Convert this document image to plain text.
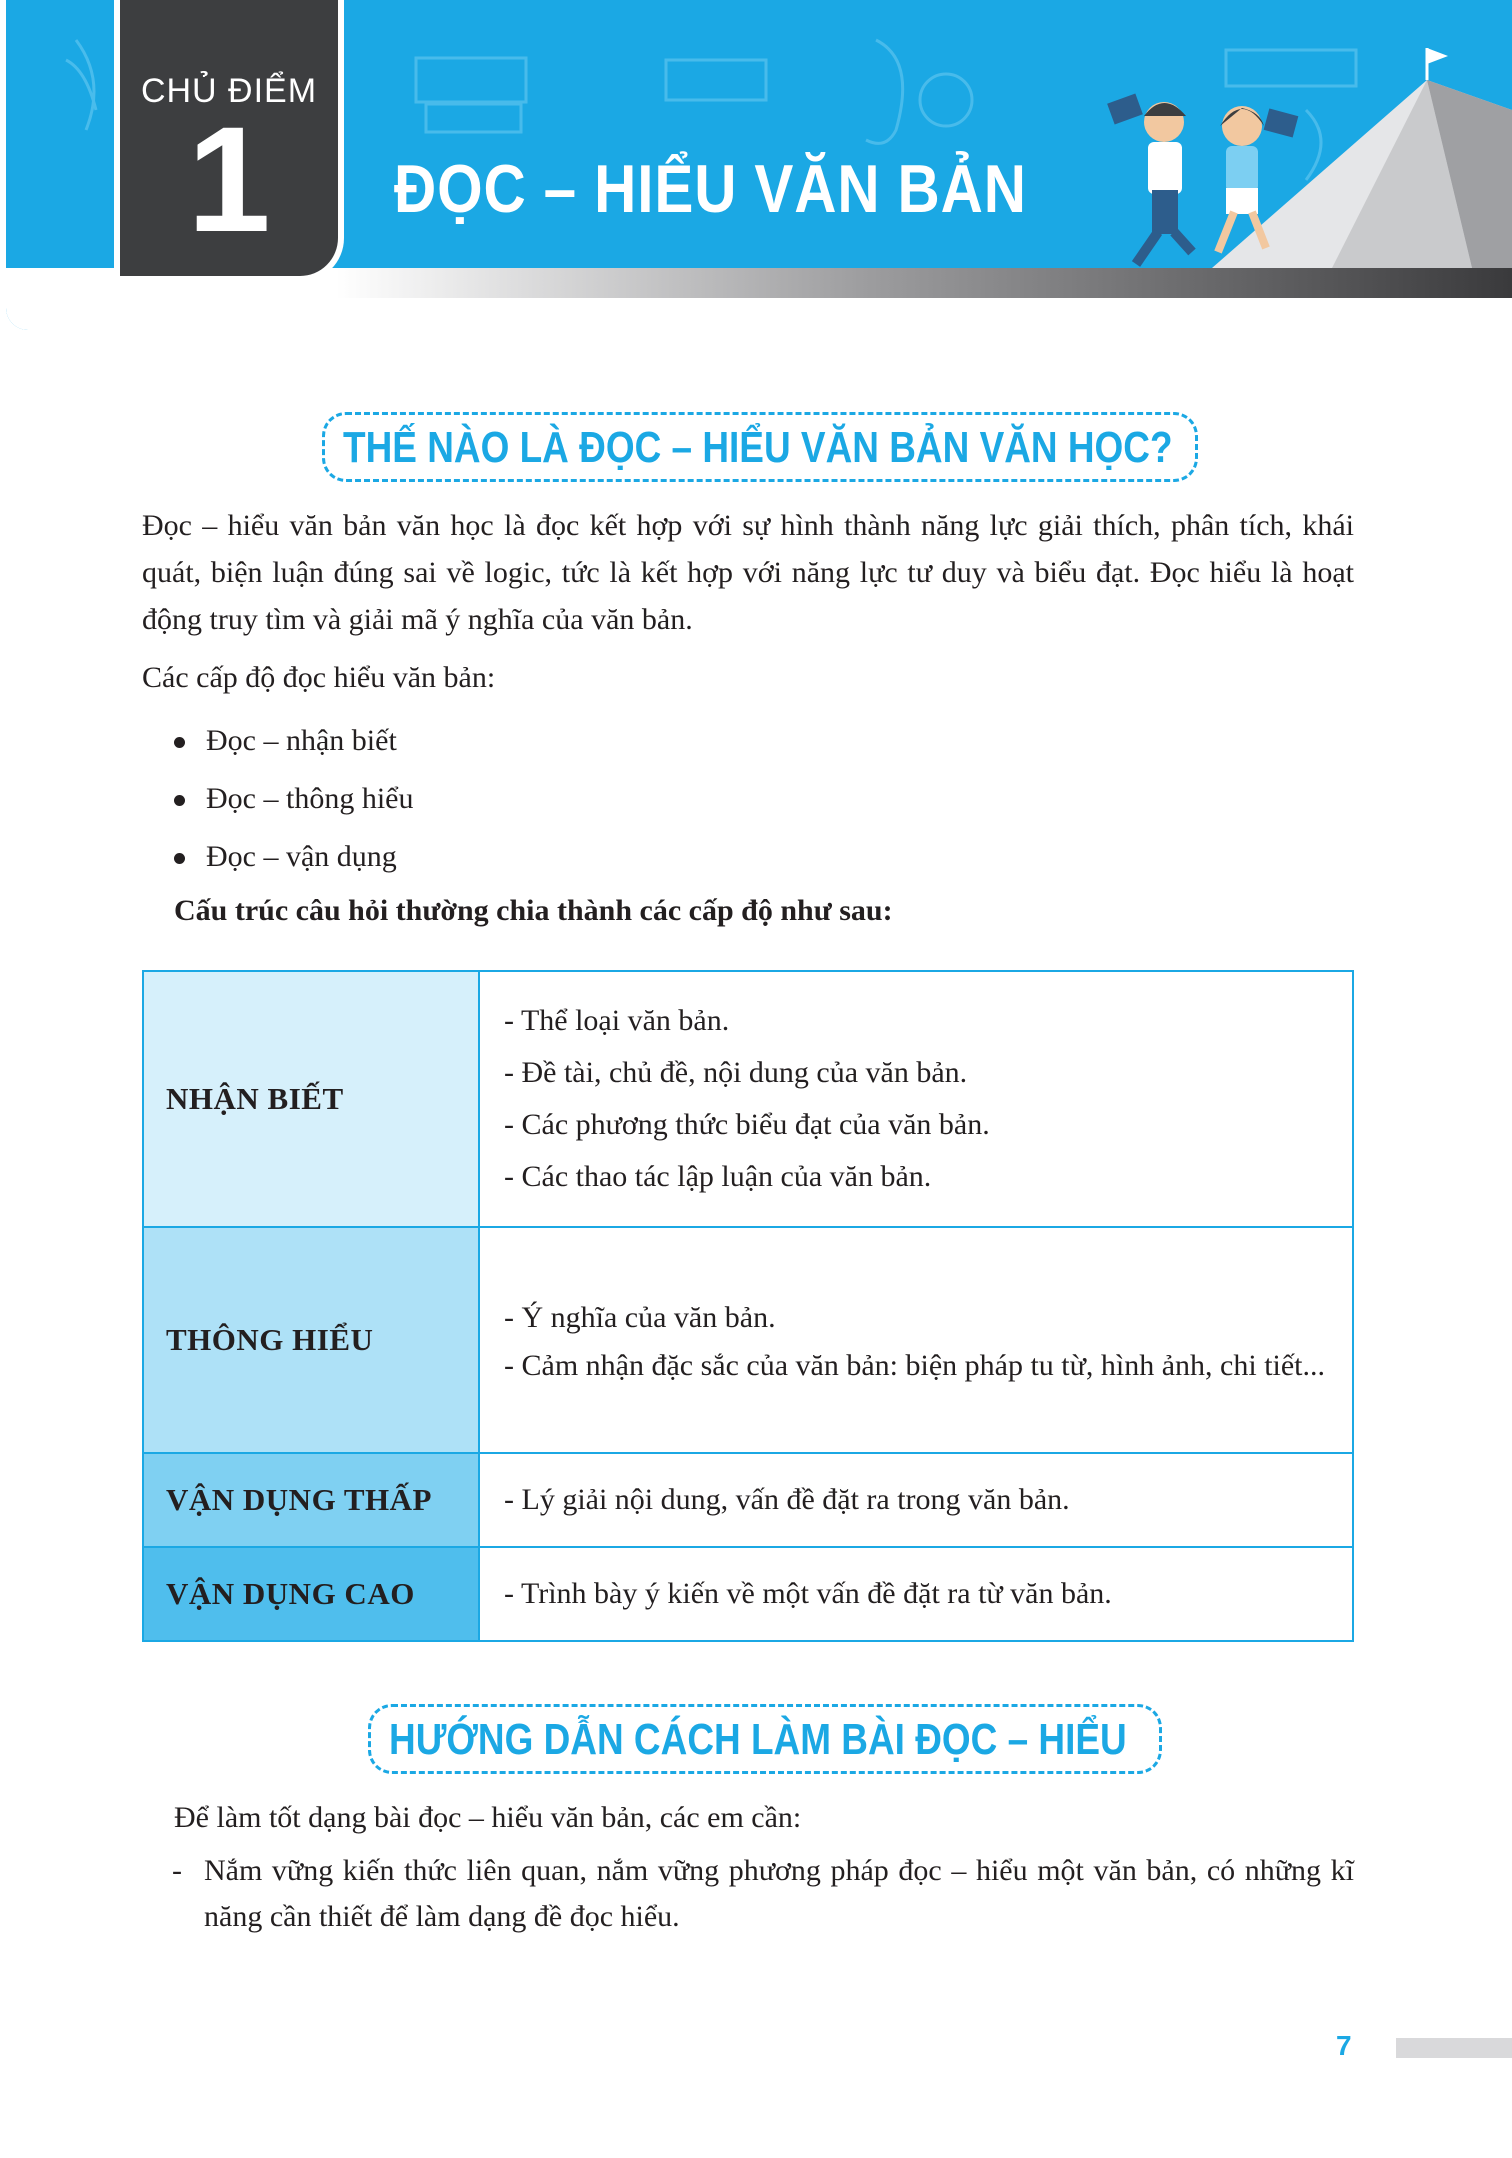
CHỦ ĐIỂM
1	ĐỌC – HIỂU VĂN BẢN
THẾ NÀO LÀ ĐỌC – HIỂU VĂN BẢN VĂN HỌC?
Đọc – hiểu văn bản văn học là đọc kết hợp với sự hình thành năng lực giải thích, phân tích, khái quát, biện luận đúng sai về logic, tức là kết hợp với năng lực tư duy và biểu đạt. Đọc hiểu là hoạt động truy tìm và giải mã ý nghĩa của văn bản.
Các cấp độ đọc hiểu văn bản:
Đọc – nhận biết
Đọc – thông hiểu
Đọc – vận dụng
Cấu trúc câu hỏi thường chia thành các cấp độ như sau:
NHẬN BIẾT	- Thể loại văn bản.
- Đề tài, chủ đề, nội dung của văn bản.
- Các phương thức biểu đạt của văn bản.
- Các thao tác lập luận của văn bản.

THÔNG HIỂU	- Ý nghĩa của văn bản.
- Cảm nhận đặc sắc của văn bản: biện pháp tu từ, hình ảnh, chi tiết...

VẬN DỤNG THẤP	- Lý giải nội dung, vấn đề đặt ra trong văn bản.

VẬN DỤNG CAO	- Trình bày ý kiến về một vấn đề đặt ra từ văn bản.
HƯỚNG DẪN CÁCH LÀM BÀI ĐỌC – HIỂU
Để làm tốt dạng bài đọc – hiểu văn bản, các em cần:
- Nắm vững kiến thức liên quan, nắm vững phương pháp đọc – hiểu một văn bản, có những kĩ năng cần thiết để làm dạng đề đọc hiểu.
7
